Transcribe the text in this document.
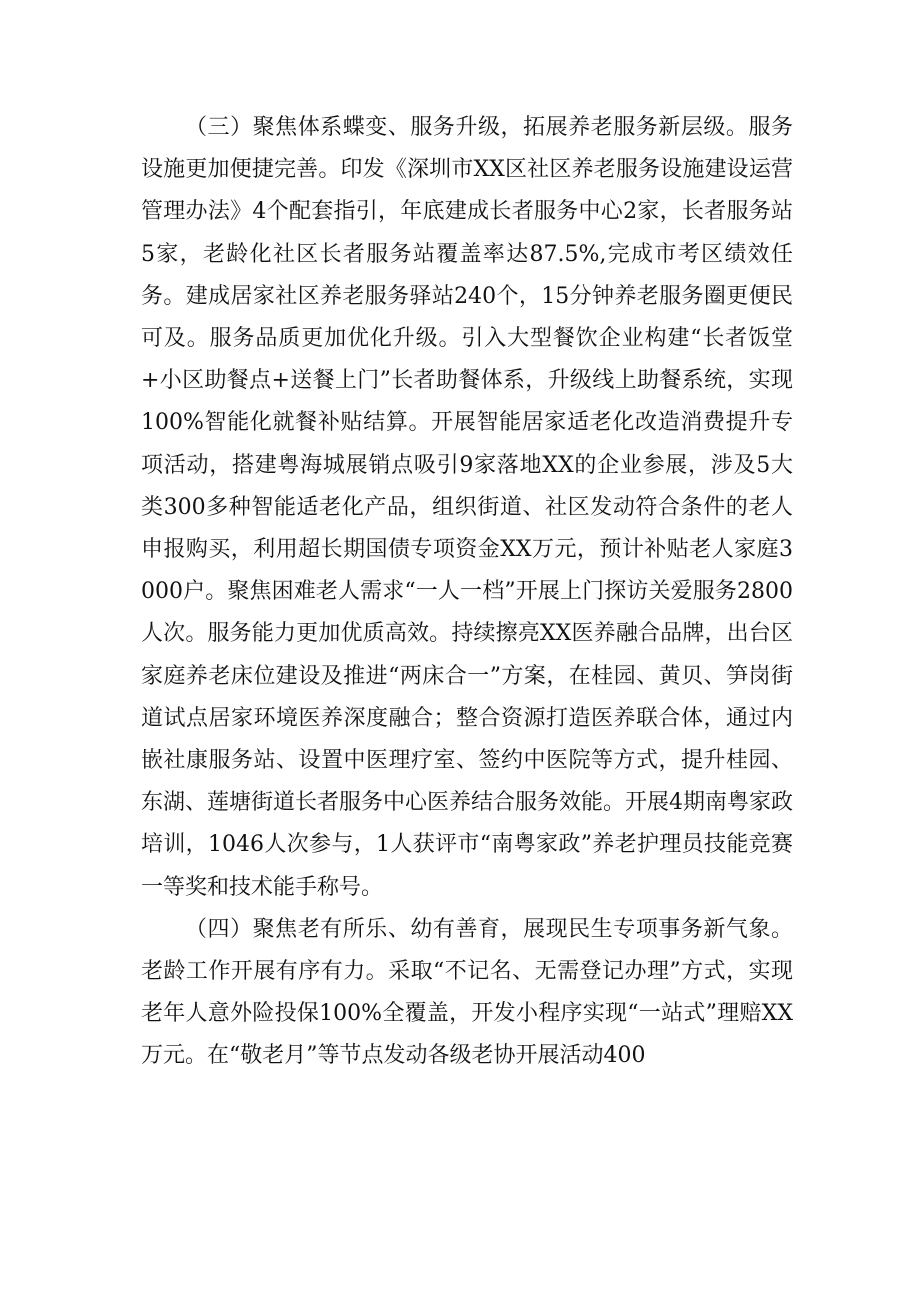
（三）聚焦体系蝶变、服务升级，拓展养老服务新层级。服务设施更加便捷完善。印发《深圳市XX区社区养老服务设施建设运营管理办法》4个配套指引，年底建成长者服务中心2家，长者服务站5家，老龄化社区长者服务站覆盖率达87.5%,完成市考区绩效任务。建成居家社区养老服务驿站240个，15分钟养老服务圈更便民可及。服务品质更加优化升级。引入大型餐饮企业构建“长者饭堂+小区助餐点+送餐上门”长者助餐体系，升级线上助餐系统，实现100%智能化就餐补贴结算。开展智能居家适老化改造消费提升专项活动，搭建粤海城展销点吸引9家落地XX的企业参展，涉及5大类300多种智能适老化产品，组织街道、社区发动符合条件的老人申报购买，利用超长期国债专项资金XX万元，预计补贴老人家庭3000户。聚焦困难老人需求“一人一档”开展上门探访关爱服务2800人次。服务能力更加优质高效。持续擦亮XX医养融合品牌，出台区家庭养老床位建设及推进“两床合一”方案，在桂园、黄贝、笋岗街道试点居家环境医养深度融合；整合资源打造医养联合体，通过内嵌社康服务站、设置中医理疗室、签约中医院等方式，提升桂园、东湖、莲塘街道长者服务中心医养结合服务效能。开展4期南粤家政培训，1046人次参与，1人获评市“南粤家政”养老护理员技能竞赛一等奖和技术能手称号。

（四）聚焦老有所乐、幼有善育，展现民生专项事务新气象。老龄工作开展有序有力。采取“不记名、无需登记办理”方式，实现老年人意外险投保100%全覆盖，开发小程序实现“一站式”理赔XX万元。在“敬老月”等节点发动各级老协开展活动400
